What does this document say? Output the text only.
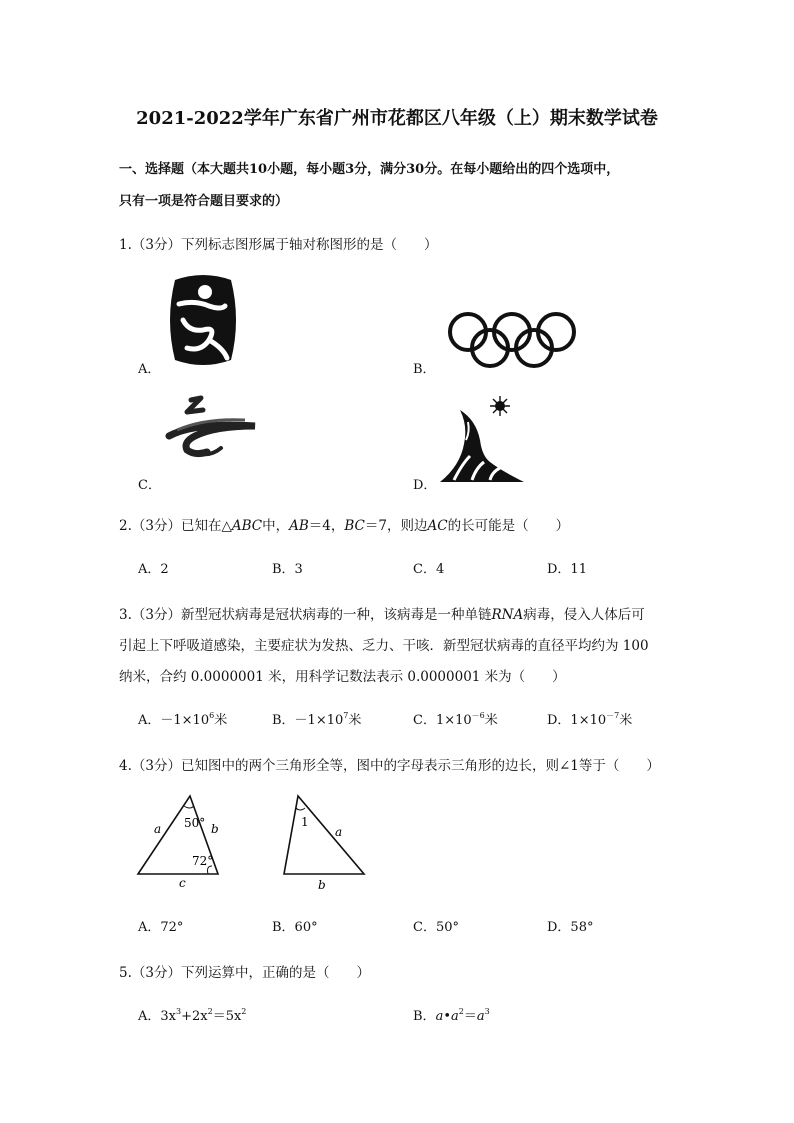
2021-2022学年广东省广州市花都区八年级（上）期末数学试卷
一、选择题（本大题共10小题，每小题3分，满分30分。在每小题给出的四个选项中，
只有一项是符合题目要求的）
1.（3分）下列标志图形属于轴对称图形的是（　　）
A．	B．
C．	D．
2.（3分）已知在△ABC中，AB＝4，BC＝7，则边AC的长可能是（　　）
A．2	B．3	C．4	D．11
3.（3分）新型冠状病毒是冠状病毒的一种，该病毒是一种单链RNA病毒，侵入人体后可
引起上下呼吸道感染，主要症状为发热、乏力、干咳．新型冠状病毒的直径平均约为 100
纳米，合约 0.0000001 米，用科学记数法表示 0.0000001 米为（　　）
A．$-1\times 10^6$米	B．$-1\times 10^7$米	C．$1\times 10^{-6}$米	D．$1\times 10^{-7}$米
4.（3分）已知图中的两个三角形全等，图中的字母表示三角形的边长，则∠1等于（　　）
a	b
c
50°
72°
1
a
b
A．72°	B．60°	C．50°	D．58°
5.（3分）下列运算中，正确的是（　　）
A．$3x^3+2x^2=5x^2$	B．$a•a^2=a^3$
